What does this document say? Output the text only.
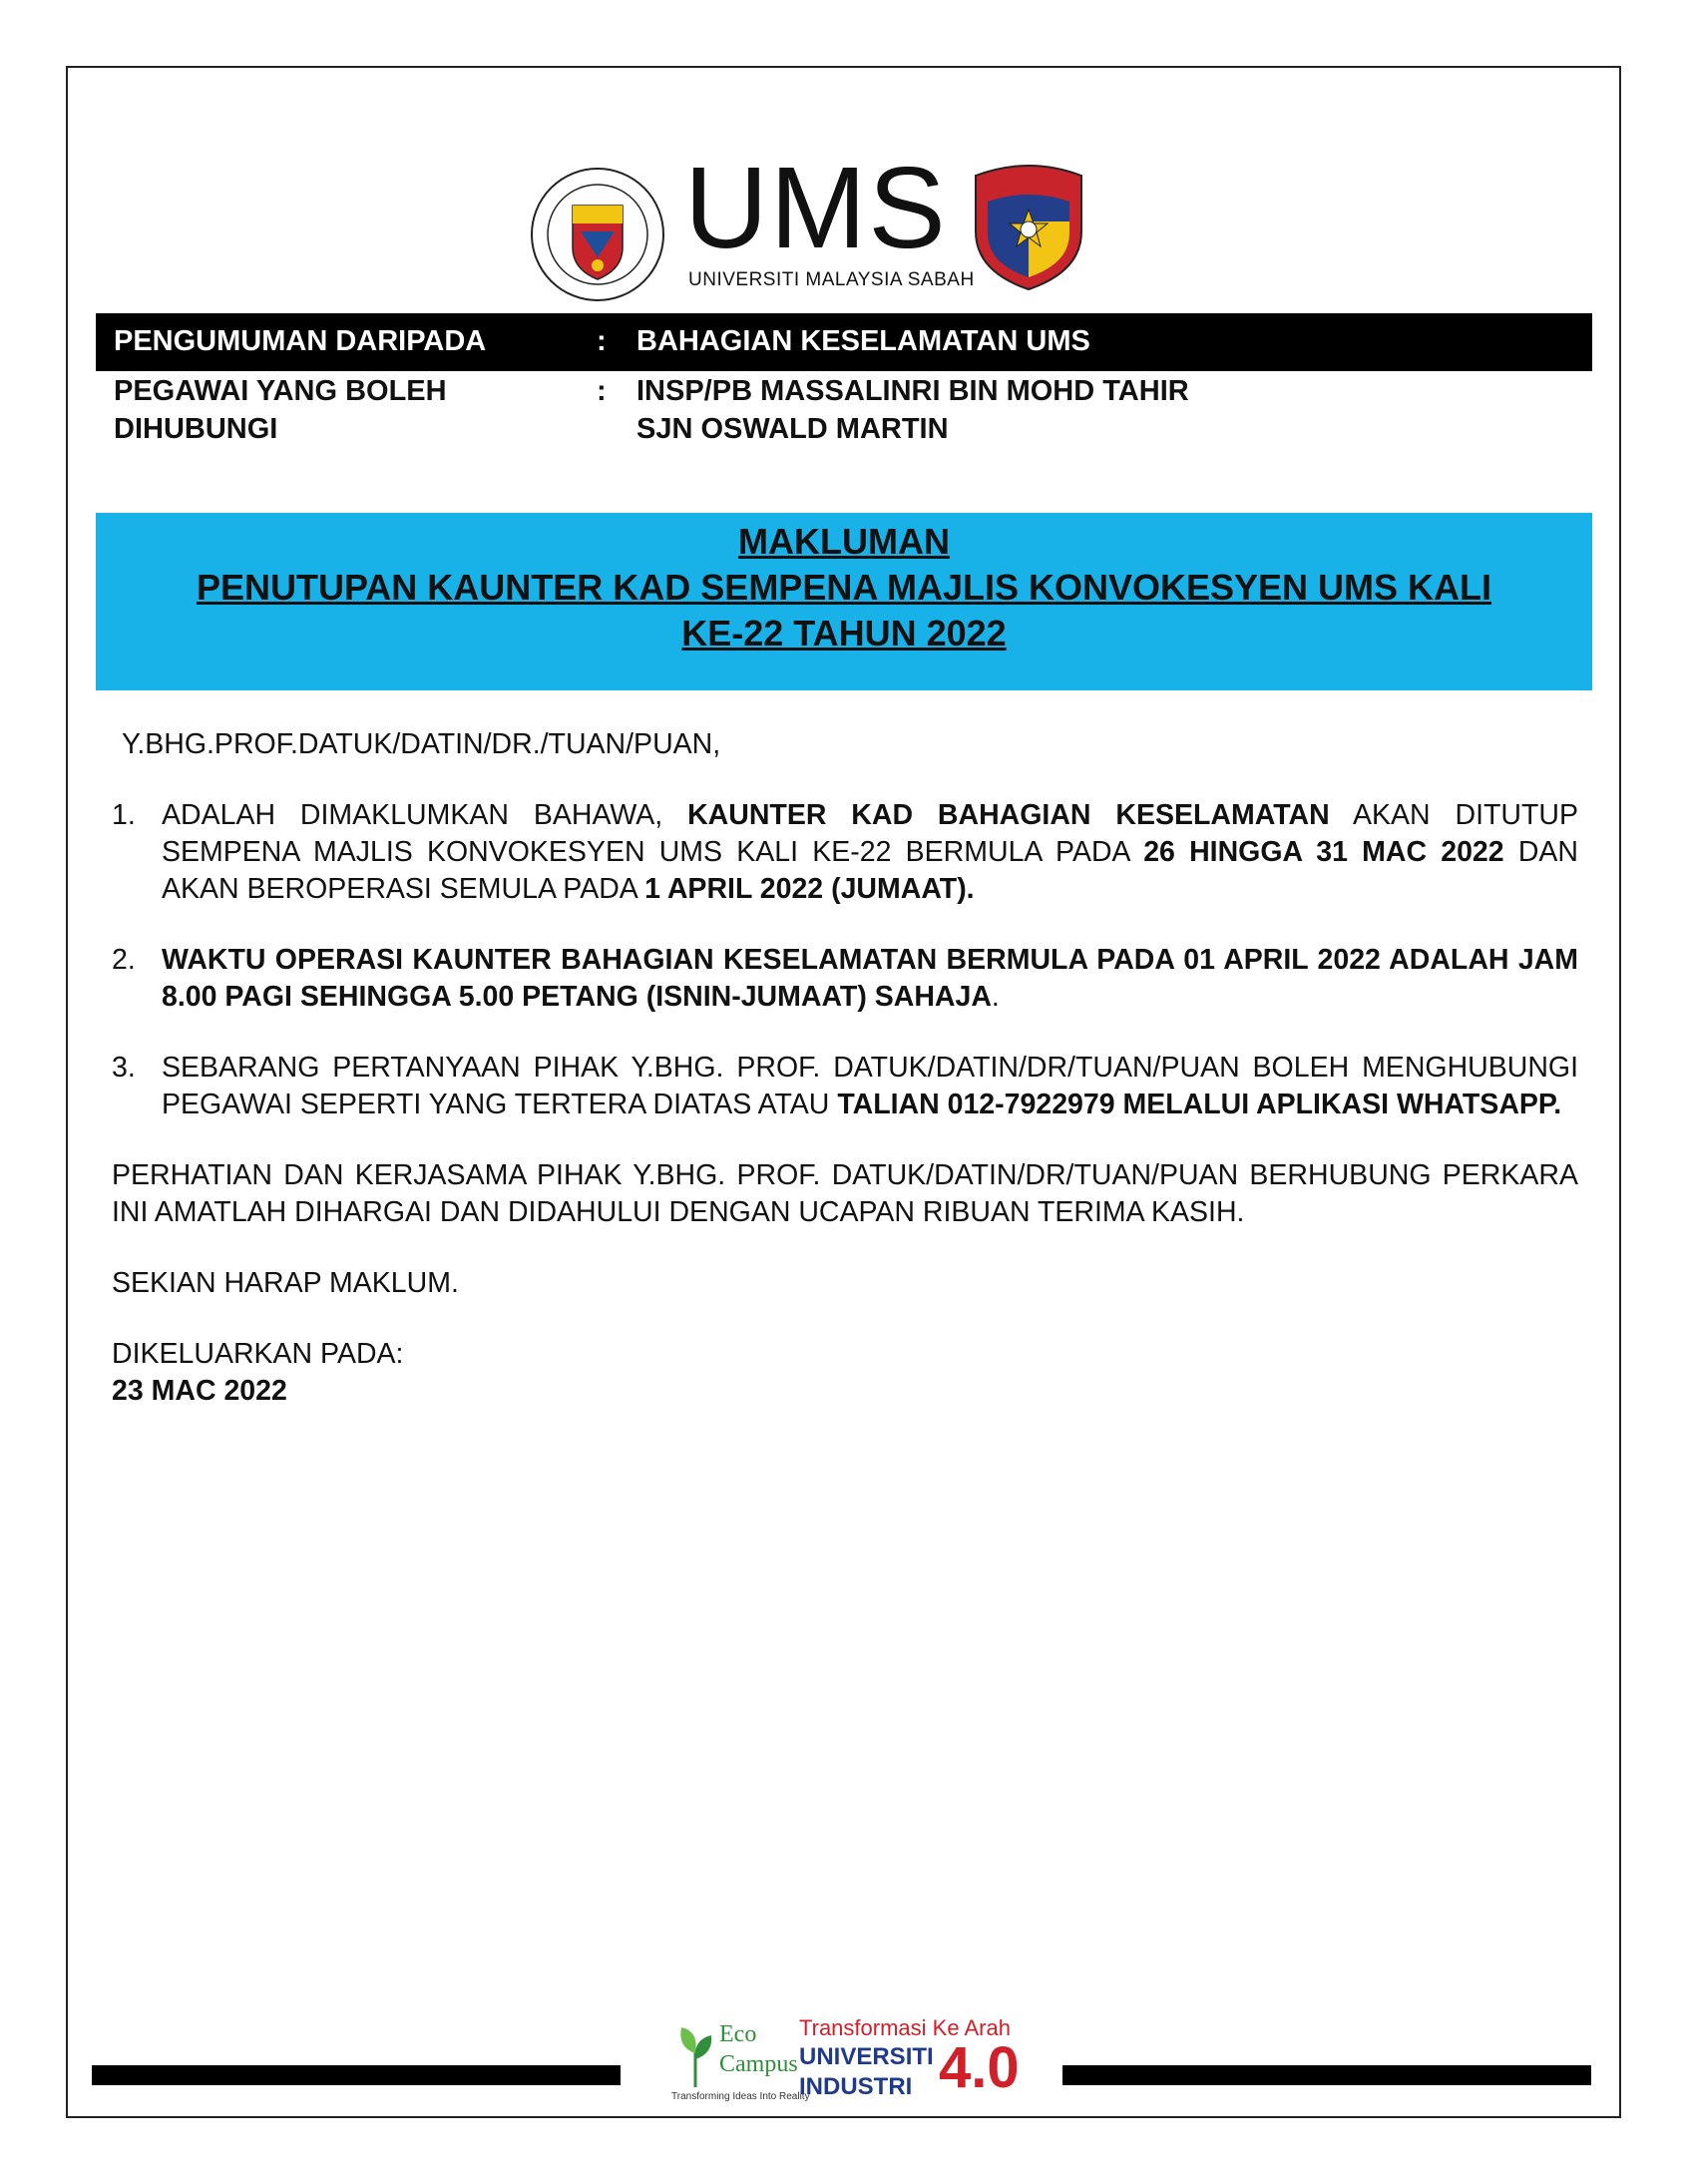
UMS
UNIVERSITI MALAYSIA SABAH
PENGUMUMAN DARIPADA	: BAHAGIAN KESELAMATAN UMS
PEGAWAI YANG BOLEH
DIHUBUNGI
: INSP/PB MASSALINRI BIN MOHD TAHIR
SJN OSWALD MARTIN
MAKLUMAN
PENUTUPAN KAUNTER KAD SEMPENA MAJLIS KONVOKESYEN UMS KALI
KE-22 TAHUN 2022
Y.BHG.PROF.DATUK/DATIN/DR./TUAN/PUAN,
1. ADALAH DIMAKLUMKAN BAHAWA, KAUNTER KAD BAHAGIAN KESELAMATAN AKAN DITUTUP SEMPENA MAJLIS KONVOKESYEN UMS KALI KE-22 BERMULA PADA 26 HINGGA 31 MAC 2022 DAN AKAN BEROPERASI SEMULA PADA 1 APRIL 2022 (JUMAAT).
2. WAKTU OPERASI KAUNTER BAHAGIAN KESELAMATAN BERMULA PADA 01 APRIL 2022 ADALAH JAM 8.00 PAGI SEHINGGA 5.00 PETANG (ISNIN-JUMAAT) SAHAJA.
3. SEBARANG PERTANYAAN PIHAK Y.BHG. PROF. DATUK/DATIN/DR/TUAN/PUAN BOLEH MENGHUBUNGI PEGAWAI SEPERTI YANG TERTERA DIATAS ATAU TALIAN 012-7922979 MELALUI APLIKASI WHATSAPP.
PERHATIAN DAN KERJASAMA PIHAK Y.BHG. PROF. DATUK/DATIN/DR/TUAN/PUAN BERHUBUNG PERKARA INI AMATLAH DIHARGAI DAN DIDAHULUI DENGAN UCAPAN RIBUAN TERIMA KASIH.
SEKIAN HARAP MAKLUM.
DIKELUARKAN PADA:
23 MAC 2022
Eco
Campus
Transforming Ideas Into Reality
Transformasi Ke Arah
UNIVERSITI
INDUSTRI 4.0
